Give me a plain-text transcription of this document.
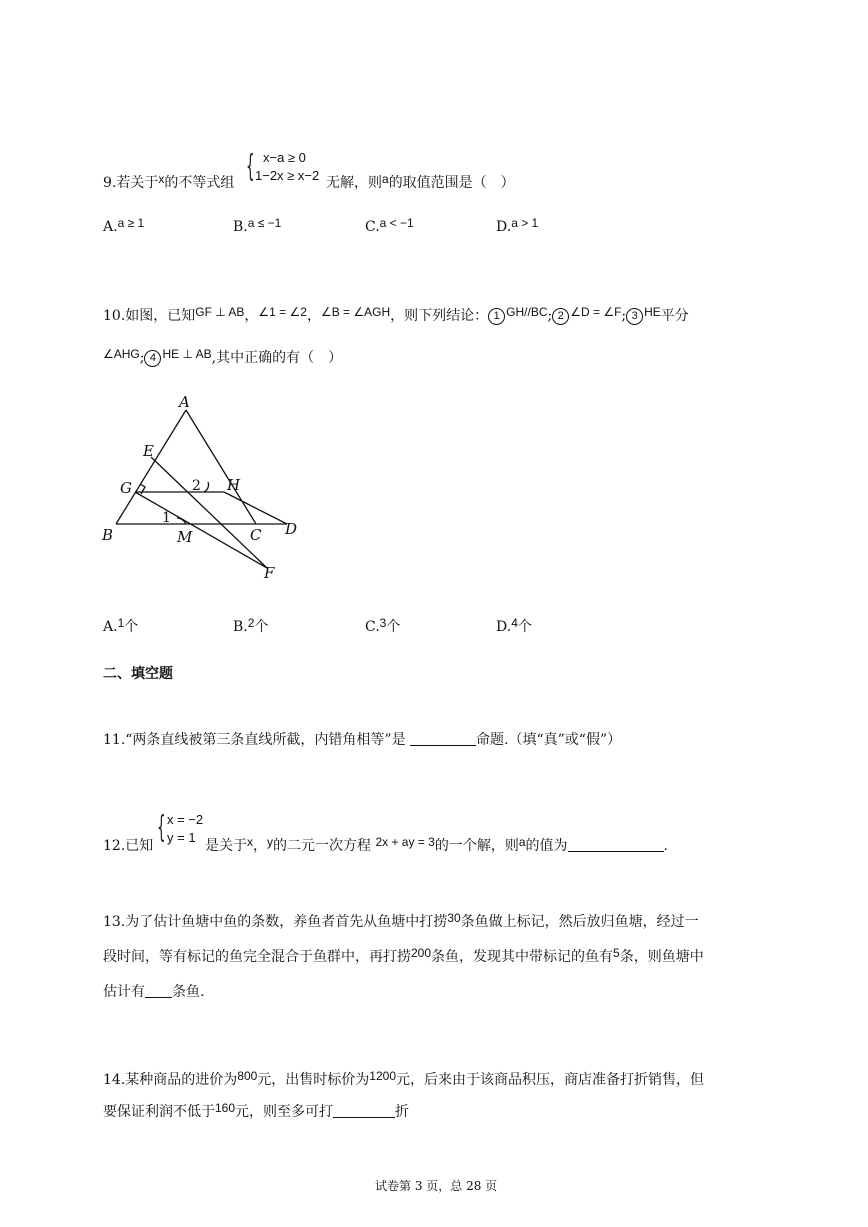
9.若关于x的不等式组 { x−a ≥ 0
1−2x ≥ x−2 无解，则a的取值范围是（　）
A.a ≥ 1	B.a ≤ −1	C.a < −1	D.a > 1
10.如图，已知GF ⊥ AB，∠1 = ∠2，∠B = ∠AGH，则下列结论： 1 GH//BC; 2 ∠D = ∠F; 3 HE平分
∠AHG; 4 HE ⊥ AB,其中正确的有（　）
A
E
G	H
B	M	C D
F
2
1
A.1个	B.2个	C.3个	D.4个
二、填空题
11.“两条直线被第三条直线所截，内错角相等”是	命题.（填“真”或“假”）
12.已知
{ x = −2
y = 1
是关于x，y的二元一次方程 2x + ay = 3的一个解，则a的值为	.
13.为了估计鱼塘中鱼的条数，养鱼者首先从鱼塘中打捞30条鱼做上标记，然后放归鱼塘，经过一
段时间，等有标记的鱼完全混合于鱼群中，再打捞200条鱼，发现其中带标记的鱼有5条，则鱼塘中
估计有 条鱼.
14.某种商品的进价为800元，出售时标价为1200元，后来由于该商品积压，商店准备打折销售，但
要保证利润不低于160元，则至多可打	折
试卷第 3 页，总 28 页
